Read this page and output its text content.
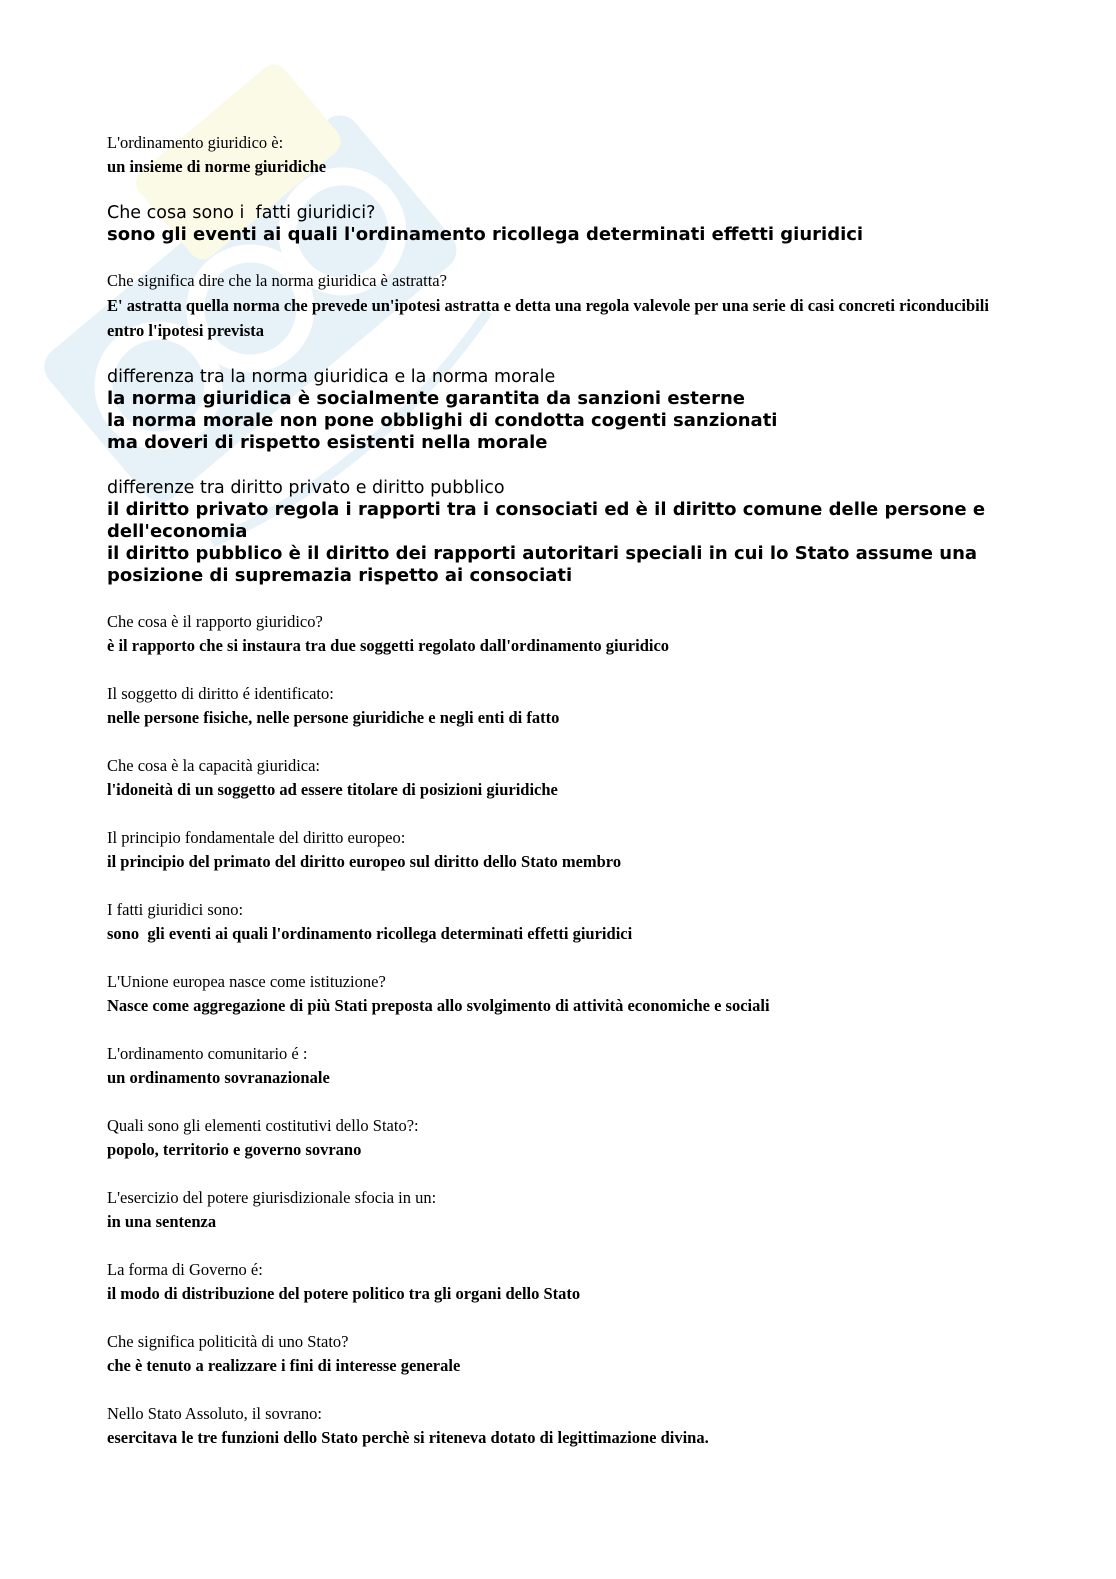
L'ordinamento giuridico è:
un insieme di norme giuridiche
Che cosa sono i  fatti giuridici?
sono gli eventi ai quali l'ordinamento ricollega determinati effetti giuridici
Che significa dire che la norma giuridica è astratta?
E' astratta quella norma che prevede un'ipotesi astratta e detta una regola valevole per una serie di casi concreti riconducibili entro l'ipotesi prevista
differenza tra la norma giuridica e la norma morale
la norma giuridica è socialmente garantita da sanzioni esterne
la norma morale non pone obblighi di condotta cogenti sanzionati
ma doveri di rispetto esistenti nella morale
differenze tra diritto privato e diritto pubblico
il diritto privato regola i rapporti tra i consociati ed è il diritto comune delle persone e dell'economia
il diritto pubblico è il diritto dei rapporti autoritari speciali in cui lo Stato assume una posizione di supremazia rispetto ai consociati
Che cosa è il rapporto giuridico?
è il rapporto che si instaura tra due soggetti regolato dall'ordinamento giuridico
Il soggetto di diritto é identificato:
nelle persone fisiche, nelle persone giuridiche e negli enti di fatto
Che cosa è la capacità giuridica:
l'idoneità di un soggetto ad essere titolare di posizioni giuridiche
Il principio fondamentale del diritto europeo:
il principio del primato del diritto europeo sul diritto dello Stato membro
I fatti giuridici sono:
sono  gli eventi ai quali l'ordinamento ricollega determinati effetti giuridici
L'Unione europea nasce come istituzione?
Nasce come aggregazione di più Stati preposta allo svolgimento di attività economiche e sociali
L'ordinamento comunitario é :
un ordinamento sovranazionale
Quali sono gli elementi costitutivi dello Stato?:
popolo, territorio e governo sovrano
L'esercizio del potere giurisdizionale sfocia in un:
in una sentenza
La forma di Governo é:
il modo di distribuzione del potere politico tra gli organi dello Stato
Che significa politicità di uno Stato?
che è tenuto a realizzare i fini di interesse generale
Nello Stato Assoluto, il sovrano:
esercitava le tre funzioni dello Stato perchè si riteneva dotato di legittimazione divina.
